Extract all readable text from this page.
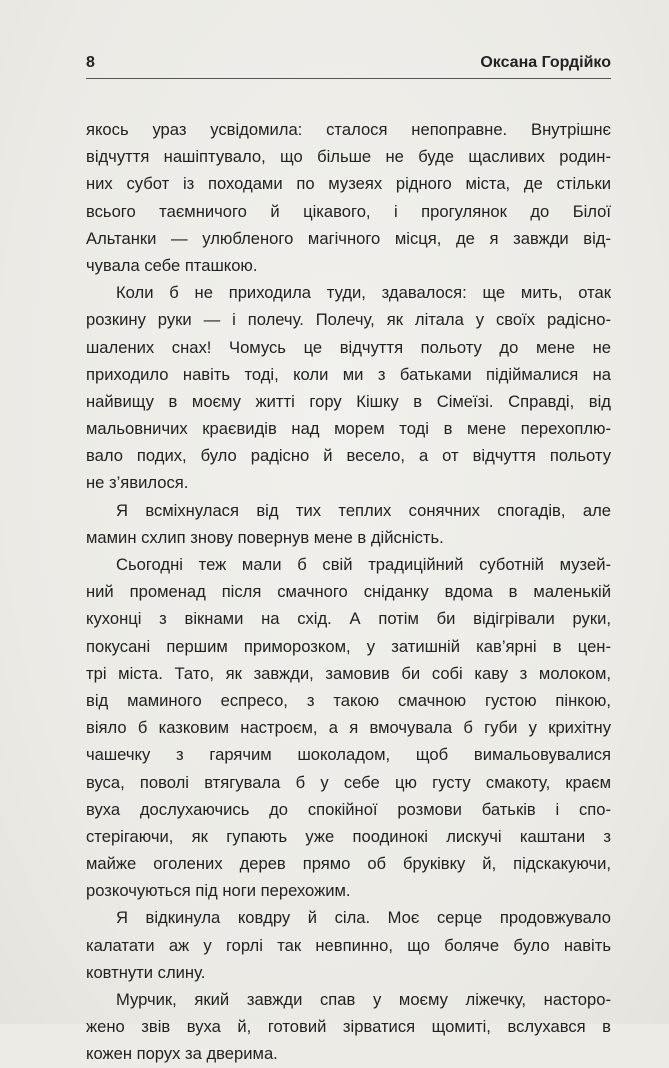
8	Оксана Гордійко
якось ураз усвідомила: сталося непоправне. Внутрішнє
відчуття нашіптувало, що більше не буде щасливих родин-
них субот із походами по музеях рідного міста, де стільки
всього таємничого й цікавого, і прогулянок до Білої
Альтанки — улюбленого магічного місця, де я завжди від-
чувала себе пташкою.
Коли б не приходила туди, здавалося: ще мить, отак
розкину руки — і полечу. Полечу, як літала у своїх радісно-
шалених снах! Чомусь це відчуття польоту до мене не
приходило навіть тоді, коли ми з батьками підіймалися на
найвищу в моєму житті гору Кішку в Сімеїзі. Справді, від
мальовничих краєвидів над морем тоді в мене перехоплю-
вало подих, було радісно й весело, а от відчуття польоту
не з’явилося.
Я всміхнулася від тих теплих сонячних спогадів, але
мамин схлип знову повернув мене в дійсність.
Сьогодні теж мали б свій традиційний суботній музей-
ний променад після смачного сніданку вдома в маленькій
кухонці з вікнами на схід. А потім би відігрівали руки,
покусані першим приморозком, у затишній кав’ярні в цен-
трі міста. Тато, як завжди, замовив би собі каву з молоком,
від маминого еспресо, з такою смачною густою пінкою,
віяло б казковим настроєм, а я вмочувала б губи у крихітну
чашечку з гарячим шоколадом, щоб вимальовувалися
вуса, поволі втягувала б у себе цю густу смакоту, краєм
вуха дослухаючись до спокійної розмови батьків і спо-
стерігаючи, як гупають уже поодинокі лискучі каштани з
майже оголених дерев прямо об бруківку й, підскакуючи,
розкочуються під ноги перехожим.
Я відкинула ковдру й сіла. Моє серце продовжувало
калатати аж у горлі так невпинно, що боляче було навіть
ковтнути слину.
Мурчик, який завжди спав у моєму ліжечку, насторо-
жено звів вуха й, готовий зірватися щомиті, вслухався в
кожен порух за дверима.
